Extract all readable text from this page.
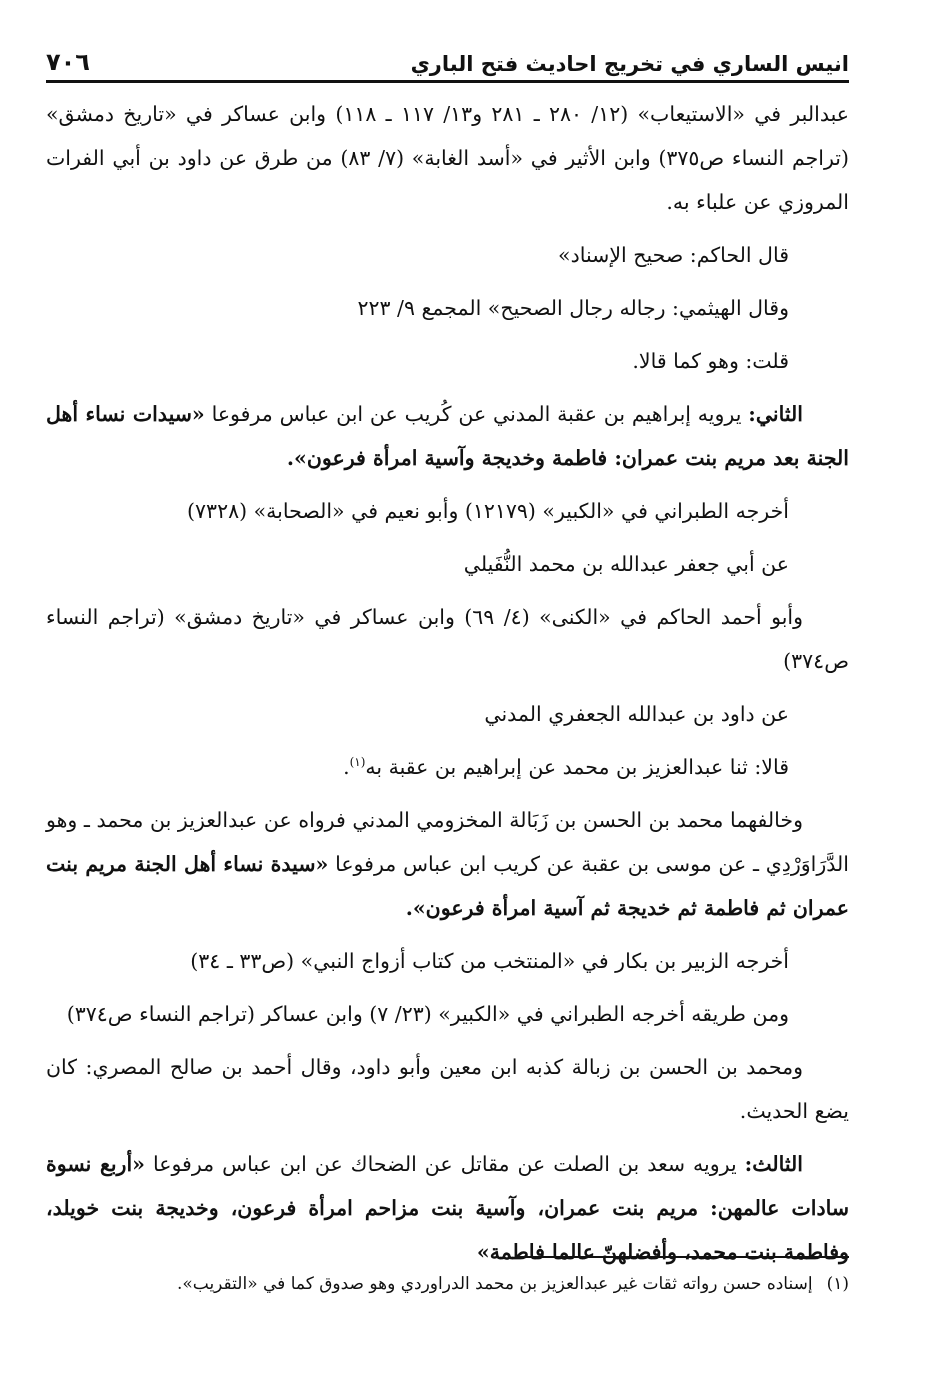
انيس الساري في تخريج احاديث فتح الباري
٧٠٦

عبدالبر في «الاستيعاب» (١٢/ ٢٨٠ ـ ٢٨١ و١٣/ ١١٧ ـ ١١٨) وابن عساكر في «تاريخ دمشق» (تراجم النساء ص٣٧٥) وابن الأثير في «أسد الغابة» (٧/ ٨٣) من طرق عن داود بن أبي الفرات المروزي عن علباء به.

قال الحاكم: صحيح الإسناد»

وقال الهيثمي: رجاله رجال الصحيح» المجمع ٩/ ٢٢٣

قلت: وهو كما قالا.

الثاني: يرويه إبراهيم بن عقبة المدني عن كُريب عن ابن عباس مرفوعا «سيدات نساء أهل الجنة بعد مريم بنت عمران: فاطمة وخديجة وآسية امرأة فرعون».

أخرجه الطبراني في «الكبير» (١٢١٧٩) وأبو نعيم في «الصحابة» (٧٣٢٨)

عن أبي جعفر عبدالله بن محمد النُّفَيلي

وأبو أحمد الحاكم في «الكنى» (٤/ ٦٩) وابن عساكر في «تاريخ دمشق» (تراجم النساء ص٣٧٤)

عن داود بن عبدالله الجعفري المدني

قالا: ثنا عبدالعزيز بن محمد عن إبراهيم بن عقبة به$^{(١)}$.

وخالفهما محمد بن الحسن بن زَبَالة المخزومي المدني فرواه عن عبدالعزيز بن محمد ـ وهو الدَّرَاوَرْدِي ـ عن موسى بن عقبة عن كريب ابن عباس مرفوعا «سيدة نساء أهل الجنة مريم بنت عمران ثم فاطمة ثم خديجة ثم آسية امرأة فرعون».

أخرجه الزبير بن بكار في «المنتخب من كتاب أزواج النبي» (ص٣٣ ـ ٣٤)

ومن طريقه أخرجه الطبراني في «الكبير» (٢٣/ ٧) وابن عساكر (تراجم النساء ص٣٧٤)

ومحمد بن الحسن بن زبالة كذبه ابن معين وأبو داود، وقال أحمد بن صالح المصري: كان يضع الحديث.

الثالث: يرويه سعد بن الصلت عن مقاتل عن الضحاك عن ابن عباس مرفوعا «أربع نسوة سادات عالمهن: مريم بنت عمران، وآسية بنت مزاحم امرأة فرعون، وخديجة بنت خويلد، وفاطمة بنت محمد، وأفضلهنّ عالما فاطمة»

(١)إسناده حسن رواته ثقات غير عبدالعزيز بن محمد الدراوردي وهو صدوق كما في «التقريب».
